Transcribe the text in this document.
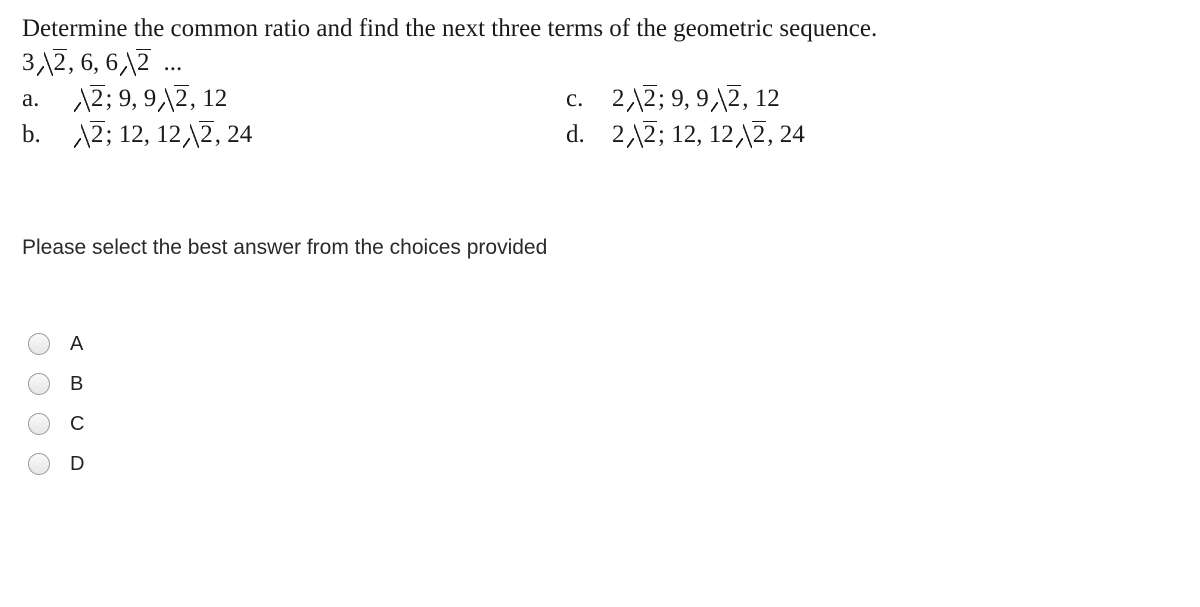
Determine the common ratio and find the next three terms of the geometric sequence.
3 2, 6, 6 2 ...
a.	2; 9, 9 2, 12
b.	2; 12, 12 2, 24
c. 2 2; 9, 9 2, 12
d. 2 2; 12, 12 2, 24
Please select the best answer from the choices provided
A
B
C
D
